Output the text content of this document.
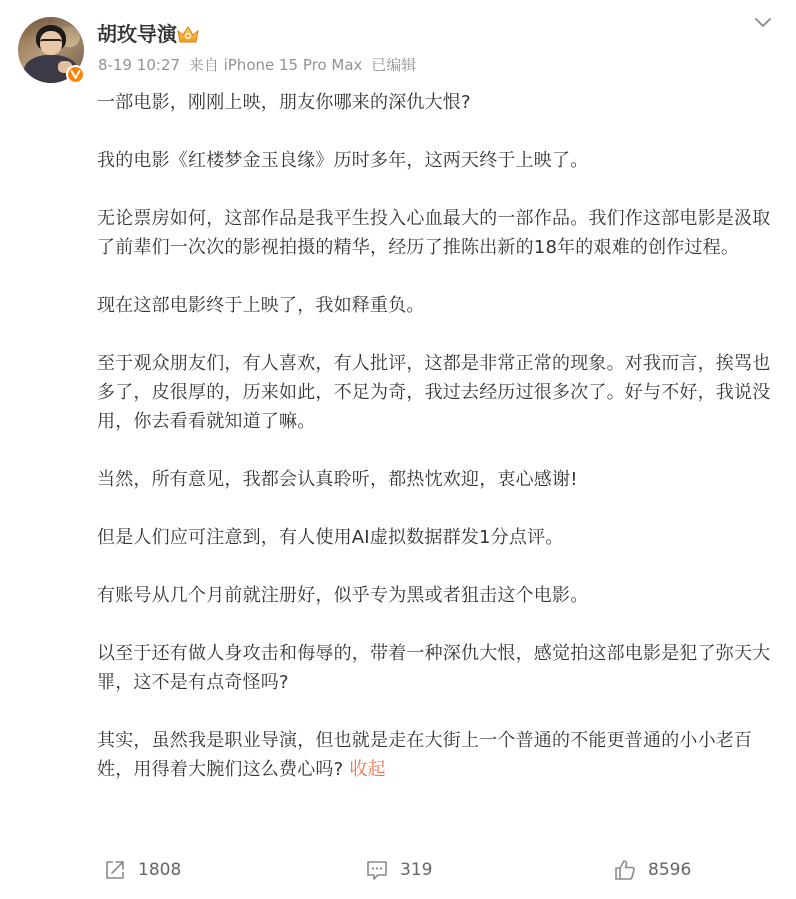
胡玫导演
8-19 10:27 来自 iPhone 15 Pro Max 已编辑

一部电影，刚刚上映，朋友你哪来的深仇大恨?

我的电影《红楼梦金玉良缘》历时多年，这两天终于上映了。

无论票房如何，这部作品是我平生投入心血最大的一部作品。我们作这部电影是汲取了前辈们一次次的影视拍摄的精华，经历了推陈出新的18年的艰难的创作过程。

现在这部电影终于上映了，我如释重负。

至于观众朋友们，有人喜欢，有人批评，这都是非常正常的现象。对我而言，挨骂也多了，皮很厚的，历来如此，不足为奇，我过去经历过很多次了。好与不好，我说没用，你去看看就知道了嘛。

当然，所有意见，我都会认真聆听，都热忱欢迎，衷心感谢!

但是人们应可注意到，有人使用AI虚拟数据群发1分点评。

有账号从几个月前就注册好，似乎专为黑或者狙击这个电影。

以至于还有做人身攻击和侮辱的，带着一种深仇大恨，感觉拍这部电影是犯了弥天大罪，这不是有点奇怪吗?

其实，虽然我是职业导演，但也就是走在大街上一个普通的不能更普通的小小老百姓，用得着大腕们这么费心吗? 收起

1808	319	8596
